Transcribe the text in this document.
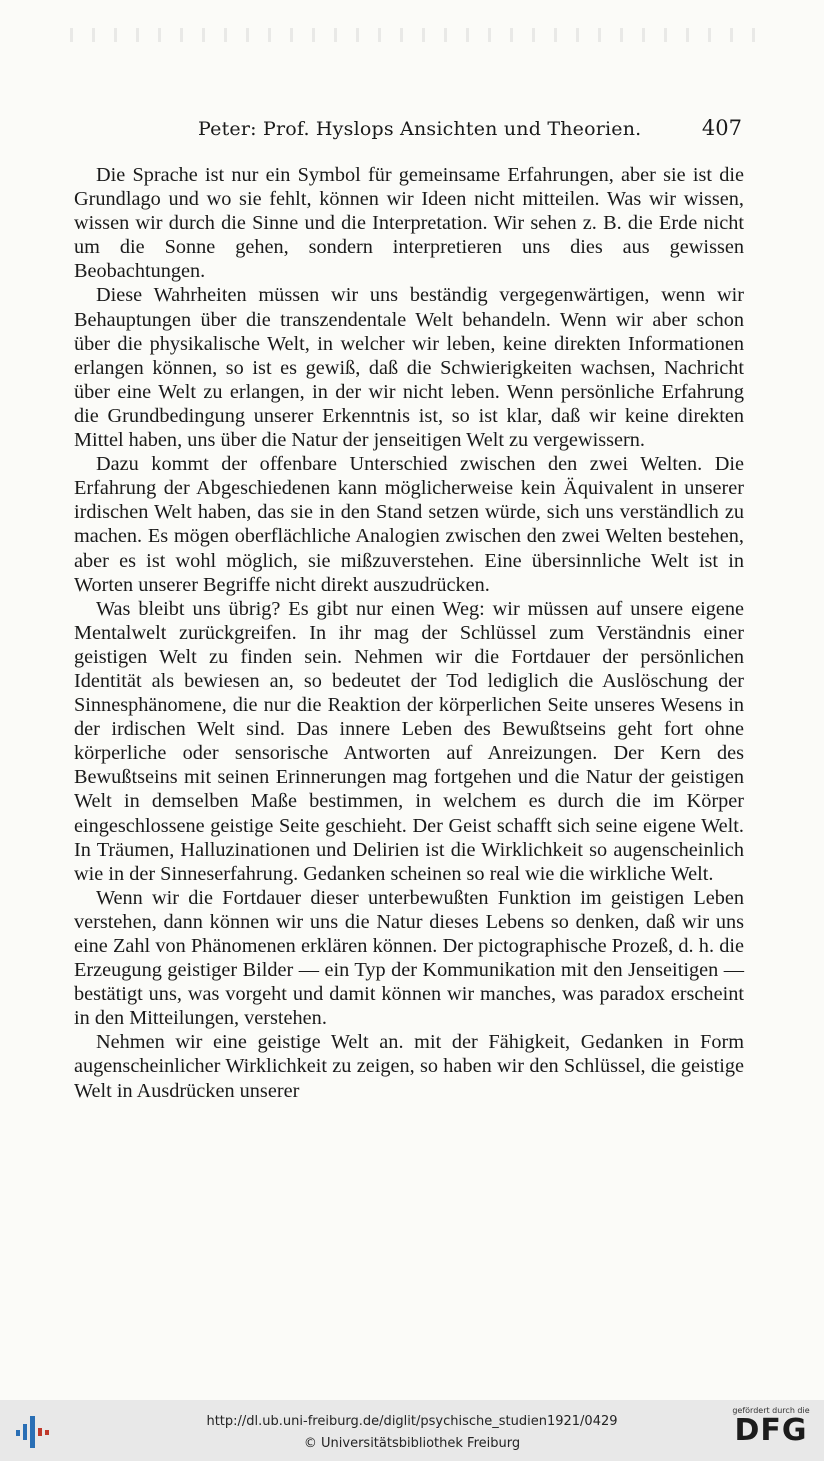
Peter: Prof. Hyslops Ansichten und Theorien.	407

Die Sprache ist nur ein Symbol für gemeinsame Erfahrungen, aber sie ist die Grundlago und wo sie fehlt, können wir Ideen nicht mitteilen. Was wir wissen, wissen wir durch die Sinne und die Interpretation. Wir sehen z. B. die Erde nicht um die Sonne gehen, sondern interpretieren uns dies aus gewissen Beobachtungen.

Diese Wahrheiten müssen wir uns beständig vergegenwärtigen, wenn wir Behauptungen über die transzendentale Welt behandeln. Wenn wir aber schon über die physikalische Welt, in welcher wir leben, keine direkten Informationen erlangen können, so ist es gewiß, daß die Schwierigkeiten wachsen, Nachricht über eine Welt zu erlangen, in der wir nicht leben. Wenn persönliche Erfahrung die Grundbedingung unserer Erkenntnis ist, so ist klar, daß wir keine direkten Mittel haben, uns über die Natur der jenseitigen Welt zu vergewissern.

Dazu kommt der offenbare Unterschied zwischen den zwei Welten. Die Erfahrung der Abgeschiedenen kann möglicherweise kein Äquivalent in unserer irdischen Welt haben, das sie in den Stand setzen würde, sich uns verständlich zu machen. Es mögen oberflächliche Analogien zwischen den zwei Welten bestehen, aber es ist wohl möglich, sie mißzuverstehen. Eine übersinnliche Welt ist in Worten unserer Begriffe nicht direkt auszudrücken.

Was bleibt uns übrig? Es gibt nur einen Weg: wir müssen auf unsere eigene Mentalwelt zurückgreifen. In ihr mag der Schlüssel zum Verständnis einer geistigen Welt zu finden sein. Nehmen wir die Fortdauer der persönlichen Identität als bewiesen an, so bedeutet der Tod lediglich die Auslöschung der Sinnesphänomene, die nur die Reaktion der körperlichen Seite unseres Wesens in der irdischen Welt sind. Das innere Leben des Bewußtseins geht fort ohne körperliche oder sensorische Antworten auf Anreizungen. Der Kern des Bewußtseins mit seinen Erinnerungen mag fortgehen und die Natur der geistigen Welt in demselben Maße bestimmen, in welchem es durch die im Körper eingeschlossene geistige Seite geschieht. Der Geist schafft sich seine eigene Welt. In Träumen, Halluzinationen und Delirien ist die Wirklichkeit so augenscheinlich wie in der Sinneserfahrung. Gedanken scheinen so real wie die wirkliche Welt.

Wenn wir die Fortdauer dieser unterbewußten Funktion im geistigen Leben verstehen, dann können wir uns die Natur dieses Lebens so denken, daß wir uns eine Zahl von Phänomenen erklären können. Der pictographische Prozeß, d. h. die Erzeugung geistiger Bilder — ein Typ der Kommunikation mit den Jenseitigen — bestätigt uns, was vorgeht und damit können wir manches, was paradox erscheint in den Mitteilungen, verstehen.

Nehmen wir eine geistige Welt an. mit der Fähigkeit, Gedanken in Form augenscheinlicher Wirklichkeit zu zeigen, so haben wir den Schlüssel, die geistige Welt in Ausdrücken unserer

http://dl.ub.uni-freiburg.de/diglit/psychische_studien1921/0429
© Universitätsbibliothek Freiburg
gefördert durch die
DFG
